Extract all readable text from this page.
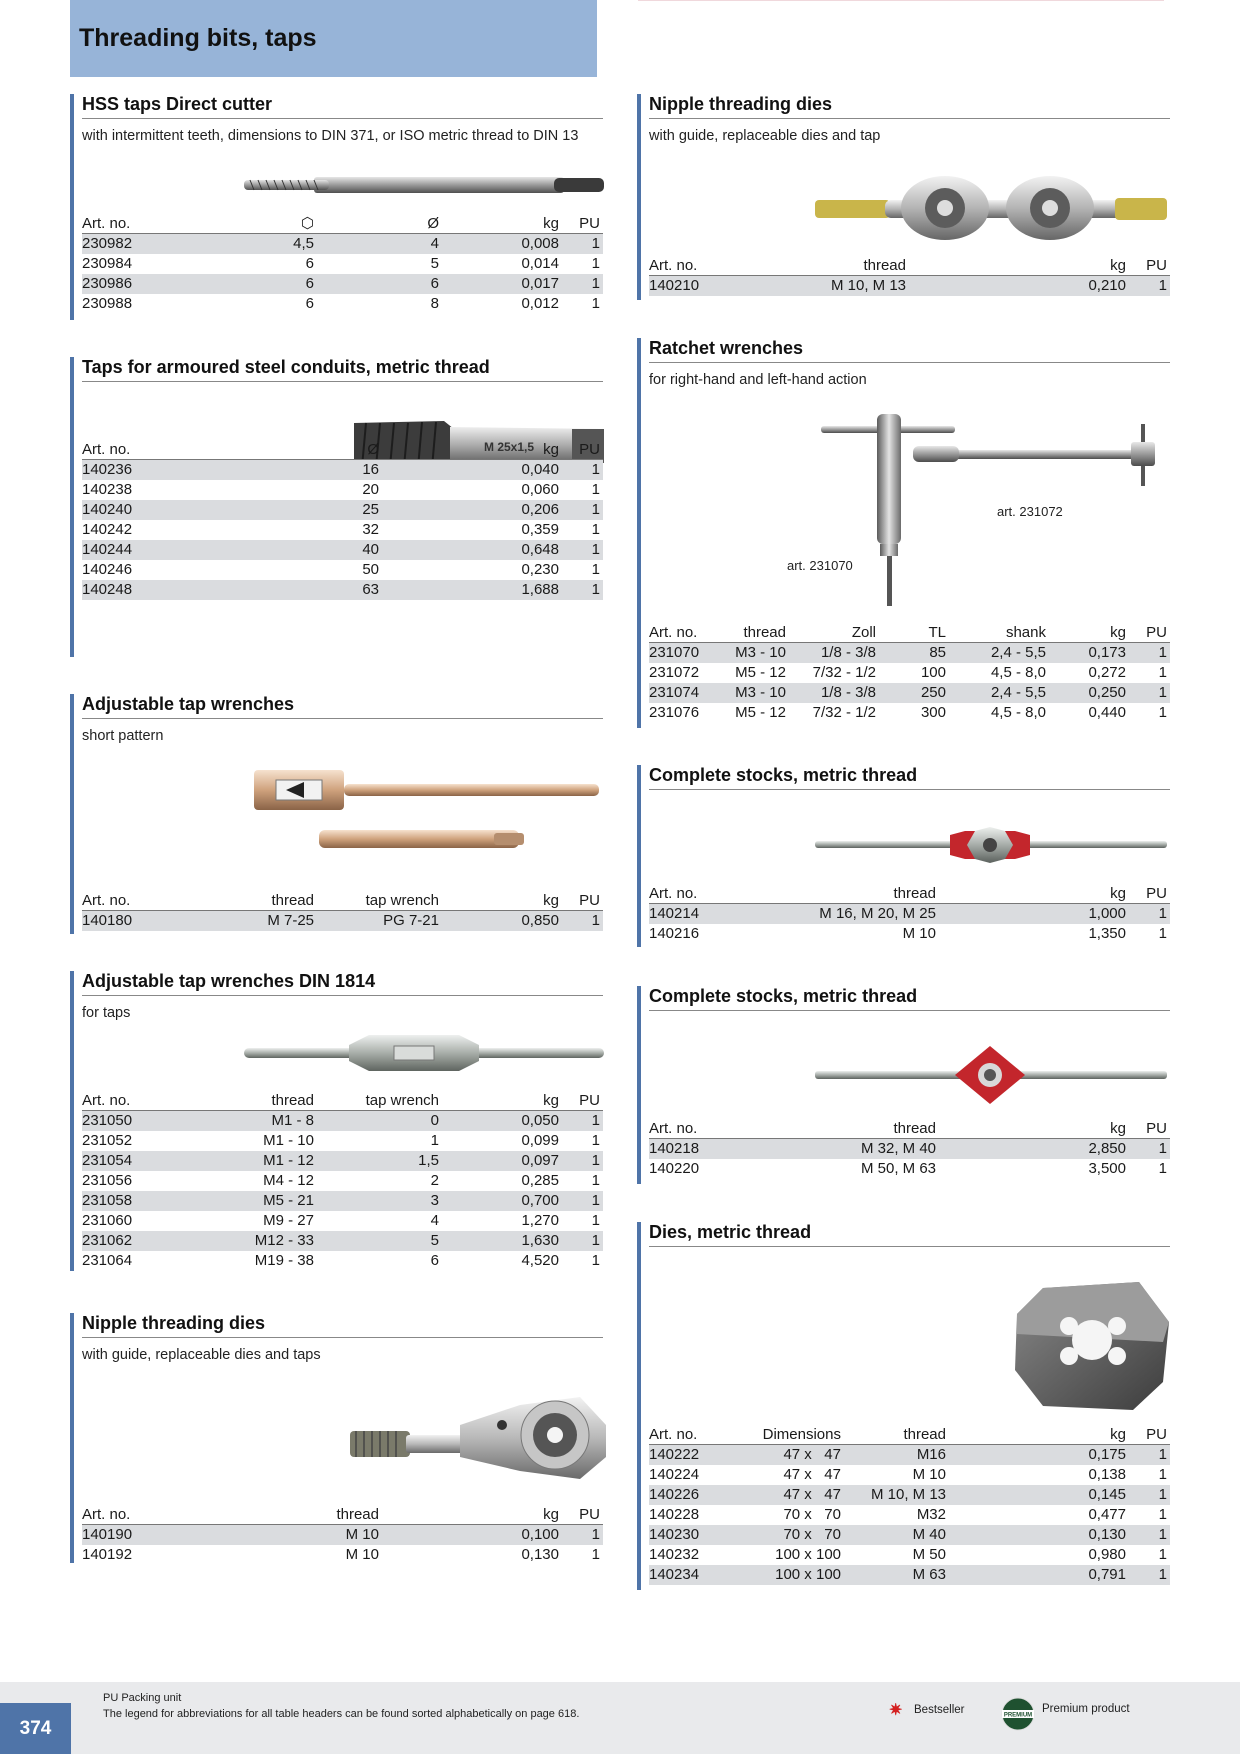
Threading bits, taps
HSS taps Direct cutter
with intermittent teeth, dimensions to DIN 371, or ISO metric thread to DIN 13
Art. no.	⬡	Ø	kg	PU
230982	4,5	4	0,008	1
230984	6	5	0,014	1
230986	6	6	0,017	1
230988	6	8	0,012	1
Taps for armoured steel conduits, metric thread
M 25x1,5
Art. no.	Ø	kg	PU
140236	16	0,040	1
140238	20	0,060	1
140240	25	0,206	1
140242	32	0,359	1
140244	40	0,648	1
140246	50	0,230	1
140248	63	1,688	1
Adjustable tap wrenches
short pattern
Art. no.	thread	tap wrench	kg	PU
140180	M 7-25	PG 7-21	0,850	1
Adjustable tap wrenches DIN 1814
for taps
Art. no.	thread	tap wrench	kg	PU
231050	M1 - 8	0	0,050	1
231052	M1 - 10	1	0,099	1
231054	M1 - 12	1,5	0,097	1
231056	M4 - 12	2	0,285	1
231058	M5 - 21	3	0,700	1
231060	M9 - 27	4	1,270	1
231062	M12 - 33	5	1,630	1
231064	M19 - 38	6	4,520	1
Nipple threading dies
with guide, replaceable dies and taps
Art. no.	thread	kg	PU
140190	M 10	0,100	1
140192	M 10	0,130	1
Nipple threading dies
with guide, replaceable dies and tap
Art. no.	thread	kg	PU
140210	M 10, M 13	0,210	1
Ratchet wrenches
for right-hand and left-hand action
art. 231072
art. 231070
Art. no.	thread	Zoll	TL	shank	kg	PU
231070	M3 - 10	1/8 - 3/8	85	2,4 - 5,5	0,173	1
231072	M5 - 12	7/32 - 1/2	100	4,5 - 8,0	0,272	1
231074	M3 - 10	1/8 - 3/8	250	2,4 - 5,5	0,250	1
231076	M5 - 12	7/32 - 1/2	300	4,5 - 8,0	0,440	1
Complete stocks, metric thread
Art. no.	thread	kg	PU
140214	M 16, M 20, M 25	1,000	1
140216	M 10	1,350	1
Complete stocks, metric thread
Art. no.	thread	kg	PU
140218	M 32, M 40	2,850	1
140220	M 50, M 63	3,500	1
Dies, metric thread
Art. no.	Dimensions	thread	kg	PU
140222	47 x   47	M16	0,175	1
140224	47 x   47	M 10	0,138	1
140226	47 x   47	M 10, M 13	0,145	1
140228	70 x   70	M32	0,477	1
140230	70 x   70	M 40	0,130	1
140232	100 x 100	M 50	0,980	1
140234	100 x 100	M 63	0,791	1
374
PU Packing unit
The legend for abbreviations for all table headers can be found sorted alphabetically on page 618.	✷ Bestseller	PREMIUM
Premium product
